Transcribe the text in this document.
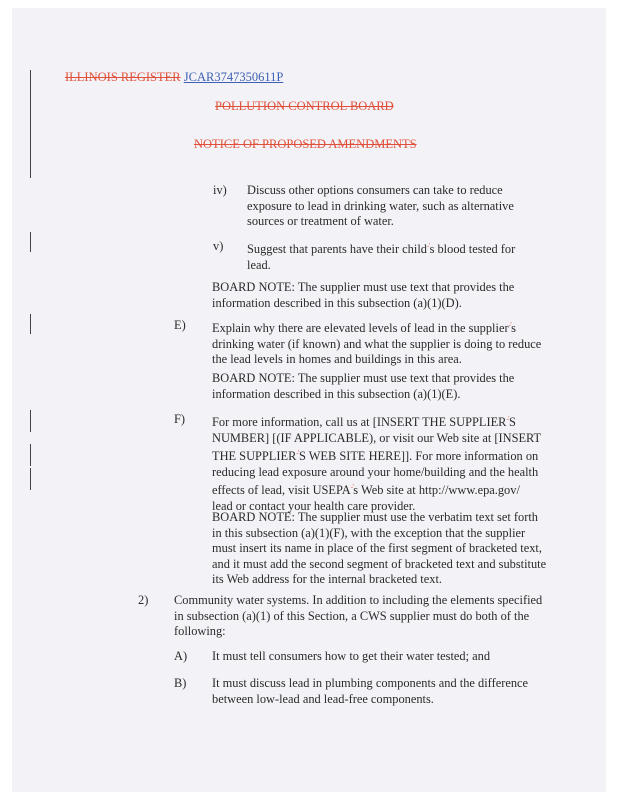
ILLINOIS REGISTER JCAR3747350611P
POLLUTION CONTROL BOARD
NOTICE OF PROPOSED AMENDMENTS
iv) Discuss other options consumers can take to reduce
exposure to lead in drinking water, such as alternative
sources or treatment of water.
v) Suggest that parents have their child-'s blood tested for
lead.
BOARD NOTE: The supplier must use text that provides the
information described in this subsection (a)(1)(D).
E) Explain why there are elevated levels of lead in the supplier-'s
drinking water (if known) and what the supplier is doing to reduce
the lead levels in homes and buildings in this area.
BOARD NOTE: The supplier must use text that provides the
information described in this subsection (a)(1)(E).
F) For more information, call us at [INSERT THE SUPPLIER-'S
NUMBER] [(IF APPLICABLE), or visit our Web site at [INSERT
THE SUPPLIER-'S WEB SITE HERE]]. For more information on
reducing lead exposure around your home/building and the health
effects of lead, visit USEPA-'s Web site at http://www.epa.gov/
lead or contact your health care provider.
BOARD NOTE: The supplier must use the verbatim text set forth
in this subsection (a)(1)(F), with the exception that the supplier
must insert its name in place of the first segment of bracketed text,
and it must add the second segment of bracketed text and substitute
its Web address for the internal bracketed text.
2) Community water systems. In addition to including the elements specified
in subsection (a)(1) of this Section, a CWS supplier must do both of the
following:
A) It must tell consumers how to get their water tested; and
B) It must discuss lead in plumbing components and the difference
between low-lead and lead-free components.
